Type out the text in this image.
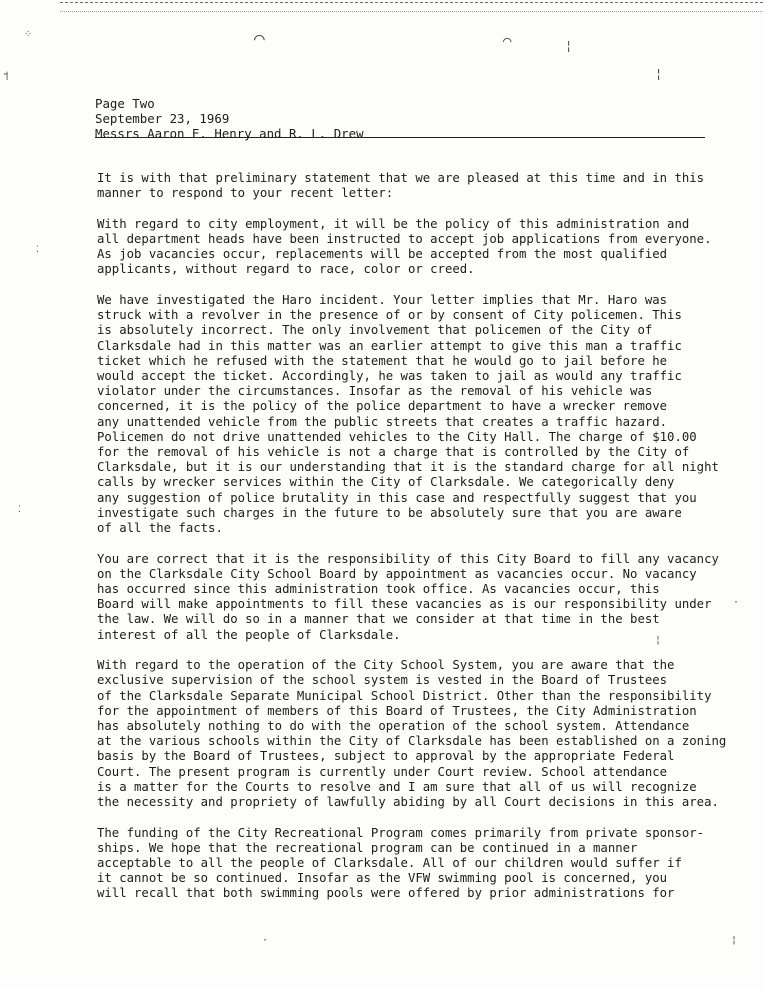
⌒	⌒	¦
¦
⁘
˦
⁚
⁚
·
¦
·	¦
Page Two
September 23, 1969
Messrs Aaron E. Henry and R. L. Drew

It is with that preliminary statement that we are pleased at this time and in this
manner to respond to your recent letter:

With regard to city employment, it will be the policy of this administration and
all department heads have been instructed to accept job applications from everyone.
As job vacancies occur, replacements will be accepted from the most qualified
applicants, without regard to race, color or creed.

We have investigated the Haro incident. Your letter implies that Mr. Haro was
struck with a revolver in the presence of or by consent of City policemen. This
is absolutely incorrect. The only involvement that policemen of the City of
Clarksdale had in this matter was an earlier attempt to give this man a traffic
ticket which he refused with the statement that he would go to jail before he
would accept the ticket. Accordingly, he was taken to jail as would any traffic
violator under the circumstances. Insofar as the removal of his vehicle was
concerned, it is the policy of the police department to have a wrecker remove
any unattended vehicle from the public streets that creates a traffic hazard.
Policemen do not drive unattended vehicles to the City Hall. The charge of $10.00
for the removal of his vehicle is not a charge that is controlled by the City of
Clarksdale, but it is our understanding that it is the standard charge for all night
calls by wrecker services within the City of Clarksdale. We categorically deny
any suggestion of police brutality in this case and respectfully suggest that you
investigate such charges in the future to be absolutely sure that you are aware
of all the facts.

You are correct that it is the responsibility of this City Board to fill any vacancy
on the Clarksdale City School Board by appointment as vacancies occur. No vacancy
has occurred since this administration took office. As vacancies occur, this
Board will make appointments to fill these vacancies as is our responsibility under
the law. We will do so in a manner that we consider at that time in the best
interest of all the people of Clarksdale.

With regard to the operation of the City School System, you are aware that the
exclusive supervision of the school system is vested in the Board of Trustees
of the Clarksdale Separate Municipal School District. Other than the responsibility
for the appointment of members of this Board of Trustees, the City Administration
has absolutely nothing to do with the operation of the school system. Attendance
at the various schools within the City of Clarksdale has been established on a zoning
basis by the Board of Trustees, subject to approval by the appropriate Federal
Court. The present program is currently under Court review. School attendance
is a matter for the Courts to resolve and I am sure that all of us will recognize
the necessity and propriety of lawfully abiding by all Court decisions in this area.

The funding of the City Recreational Program comes primarily from private sponsor-
ships. We hope that the recreational program can be continued in a manner
acceptable to all the people of Clarksdale. All of our children would suffer if
it cannot be so continued. Insofar as the VFW swimming pool is concerned, you
will recall that both swimming pools were offered by prior administrations for
